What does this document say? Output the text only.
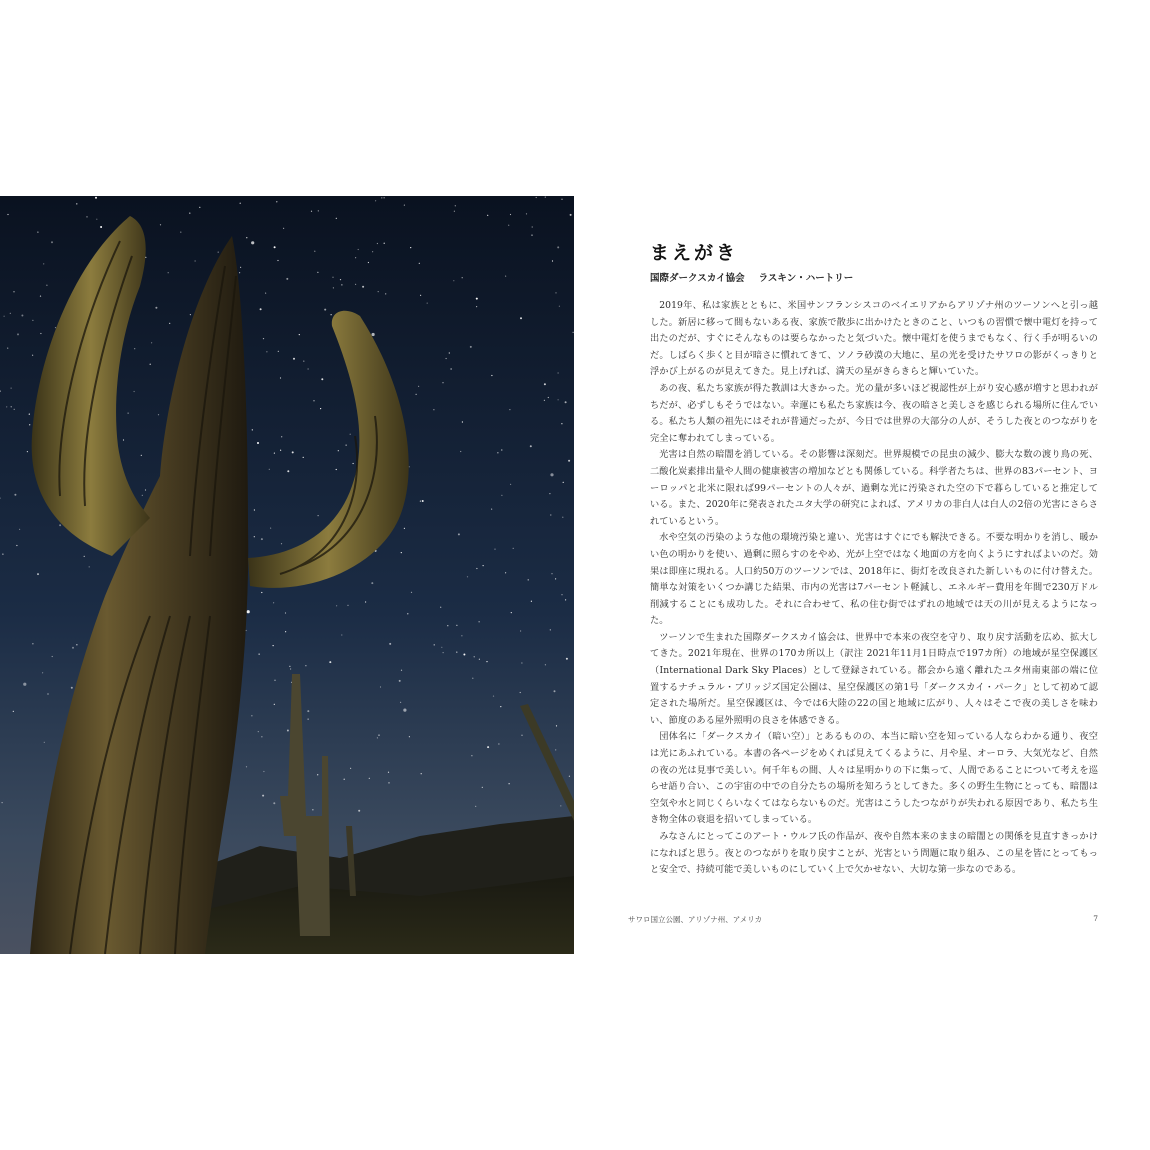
まえがき
国際ダークスカイ協会 ラスキン・ハートリー

2019年、私は家族とともに、米国サンフランシスコのベイエリアからアリゾナ州のツーソンへと引っ越した。新居に移って間もないある夜、家族で散歩に出かけたときのこと、いつもの習慣で懐中電灯を持って出たのだが、すぐにそんなものは要らなかったと気づいた。懐中電灯を使うまでもなく、行く手が明るいのだ。しばらく歩くと目が暗さに慣れてきて、ソノラ砂漠の大地に、星の光を受けたサワロの影がくっきりと浮かび上がるのが見えてきた。見上げれば、満天の星がきらきらと輝いていた。

あの夜、私たち家族が得た教訓は大きかった。光の量が多いほど視認性が上がり安心感が増すと思われがちだが、必ずしもそうではない。幸運にも私たち家族は今、夜の暗さと美しさを感じられる場所に住んでいる。私たち人類の祖先にはそれが普通だったが、今日では世界の大部分の人が、そうした夜とのつながりを完全に奪われてしまっている。

光害は自然の暗闇を消している。その影響は深刻だ。世界規模での昆虫の減少、膨大な数の渡り鳥の死、二酸化炭素排出量や人間の健康被害の増加などとも関係している。科学者たちは、世界の83パーセント、ヨーロッパと北米に限れば99パーセントの人々が、過剰な光に汚染された空の下で暮らしていると推定している。また、2020年に発表されたユタ大学の研究によれば、アメリカの非白人は白人の2倍の光害にさらされているという。

水や空気の汚染のような他の環境汚染と違い、光害はすぐにでも解決できる。不要な明かりを消し、暖かい色の明かりを使い、過剰に照らすのをやめ、光が上空ではなく地面の方を向くようにすればよいのだ。効果は即座に現れる。人口約50万のツーソンでは、2018年に、街灯を改良された新しいものに付け替えた。簡単な対策をいくつか講じた結果、市内の光害は7パーセント軽減し、エネルギー費用を年間で230万ドル削減することにも成功した。それに合わせて、私の住む街ではずれの地域では天の川が見えるようになった。

ツーソンで生まれた国際ダークスカイ協会は、世界中で本来の夜空を守り、取り戻す活動を広め、拡大してきた。2021年現在、世界の170カ所以上（訳注 2021年11月1日時点で197カ所）の地域が星空保護区（International Dark Sky Places）として登録されている。都会から遠く離れたユタ州南東部の端に位置するナチュラル・ブリッジズ国定公園は、星空保護区の第1号「ダークスカイ・パーク」として初めて認定された場所だ。星空保護区は、今では6大陸の22の国と地域に広がり、人々はそこで夜の美しさを味わい、節度のある屋外照明の良さを体感できる。

団体名に「ダークスカイ（暗い空）」とあるものの、本当に暗い空を知っている人ならわかる通り、夜空は光にあふれている。本書の各ページをめくれば見えてくるように、月や星、オーロラ、大気光など、自然の夜の光は見事で美しい。何千年もの間、人々は星明かりの下に集って、人間であることについて考えを巡らせ語り合い、この宇宙の中での自分たちの場所を知ろうとしてきた。多くの野生生物にとっても、暗闇は空気や水と同じくらいなくてはならないものだ。光害はこうしたつながりが失われる原因であり、私たち生き物全体の衰退を招いてしまっている。

みなさんにとってこのアート・ウルフ氏の作品が、夜や自然本来のままの暗闇との関係を見直すきっかけになればと思う。夜とのつながりを取り戻すことが、光害という問題に取り組み、この星を皆にとってもっと安全で、持続可能で美しいものにしていく上で欠かせない、大切な第一歩なのである。

サワロ国立公園、アリゾナ州、アメリカ	7
